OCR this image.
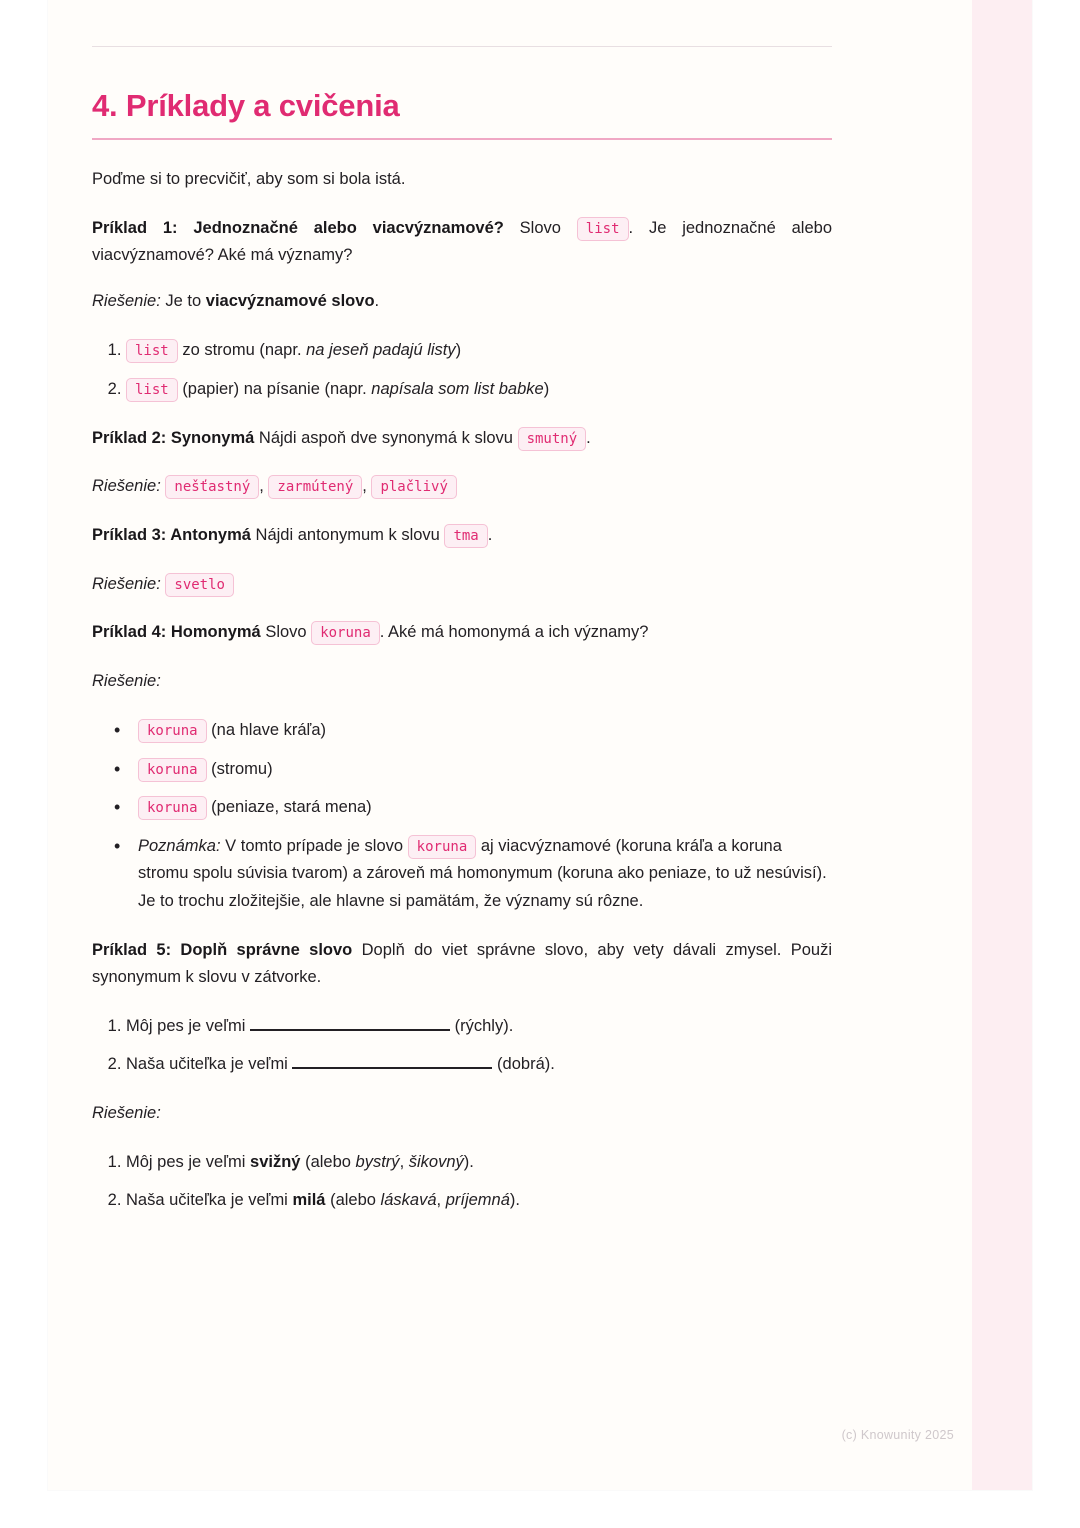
4. Príklady a cvičenia

Poďme si to precvičiť, aby som si bola istá.

Príklad 1: Jednoznačné alebo viacvýznamové? Slovo list . Je jednoznačné alebo viacvýznamové? Aké má významy?

Riešenie: Je to viacvýznamové slovo.

1. list zo stromu (napr. na jeseň padajú listy)
2. list (papier) na písanie (napr. napísala som list babke)

Príklad 2: Synonymá Nájdi aspoň dve synonymá k slovu smutný .

Riešenie: nešťastný , zarmútený , plačlivý

Príklad 3: Antonymá Nájdi antonymum k slovu tma .

Riešenie: svetlo

Príklad 4: Homonymá Slovo koruna . Aké má homonymá a ich významy?

Riešenie:

• koruna (na hlave kráľa)
• koruna (stromu)
• koruna (peniaze, stará mena)
• Poznámka: V tomto prípade je slovo koruna aj viacvýznamové (koruna kráľa a koruna stromu spolu súvisia tvarom) a zároveň má homonymum (koruna ako peniaze, to už nesúvisí). Je to trochu zložitejšie, ale hlavne si pamätám, že významy sú rôzne.

Príklad 5: Doplň správne slovo Doplň do viet správne slovo, aby vety dávali zmysel. Použi synonymum k slovu v zátvorke.

1. Môj pes je veľmi	(rýchly).
2. Naša učiteľka je veľmi	(dobrá).

Riešenie:

1. Môj pes je veľmi svižný (alebo bystrý, šikovný).
2. Naša učiteľka je veľmi milá (alebo láskavá, príjemná).
(c) Knowunity 2025
